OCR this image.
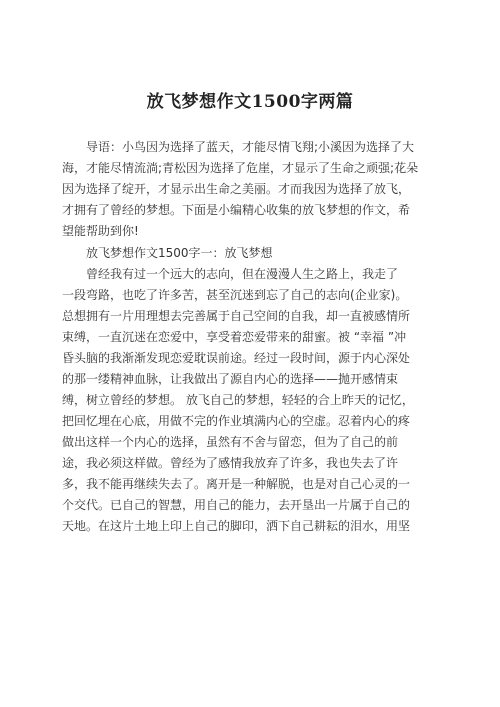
放飞梦想作文1500字两篇

导语：小鸟因为选择了蓝天，才能尽情飞翔;小溪因为选择了大
海，才能尽情流淌;青松因为选择了危崖，才显示了生命之顽强;花朵
因为选择了绽开，才显示出生命之美丽。才而我因为选择了放飞，
才拥有了曾经的梦想。下面是小编精心收集的放飞梦想的作文，希
望能帮助到你!

放飞梦想作文1500字一：放飞梦想

曾经我有过一个远大的志向，但在漫漫人生之路上，我走了
一段弯路，也吃了许多苦，甚至沉迷到忘了自己的志向(企业家)。
总想拥有一片用理想去完善属于自己空间的自我，却一直被感情所
束缚，一直沉迷在恋爱中，享受着恋爱带来的甜蜜。被 “幸福 ”冲
昏头脑的我渐渐发现恋爱耽误前途。经过一段时间，源于内心深处
的那一缕精神血脉，让我做出了源自内心的选择——抛开感情束
缚，树立曾经的梦想。 放飞自己的梦想，轻轻的合上昨天的记忆，
把回忆埋在心底，用做不完的作业填满内心的空虚。忍着内心的疼
做出这样一个内心的选择，虽然有不舍与留恋，但为了自己的前
途，我必须这样做。曾经为了感情我放弃了许多，我也失去了许
多，我不能再继续失去了。离开是一种解脱，也是对自己心灵的一
个交代。已自己的智慧，用自己的能力，去开垦出一片属于自己的
天地。在这片土地上印上自己的脚印，洒下自己耕耘的泪水，用坚
